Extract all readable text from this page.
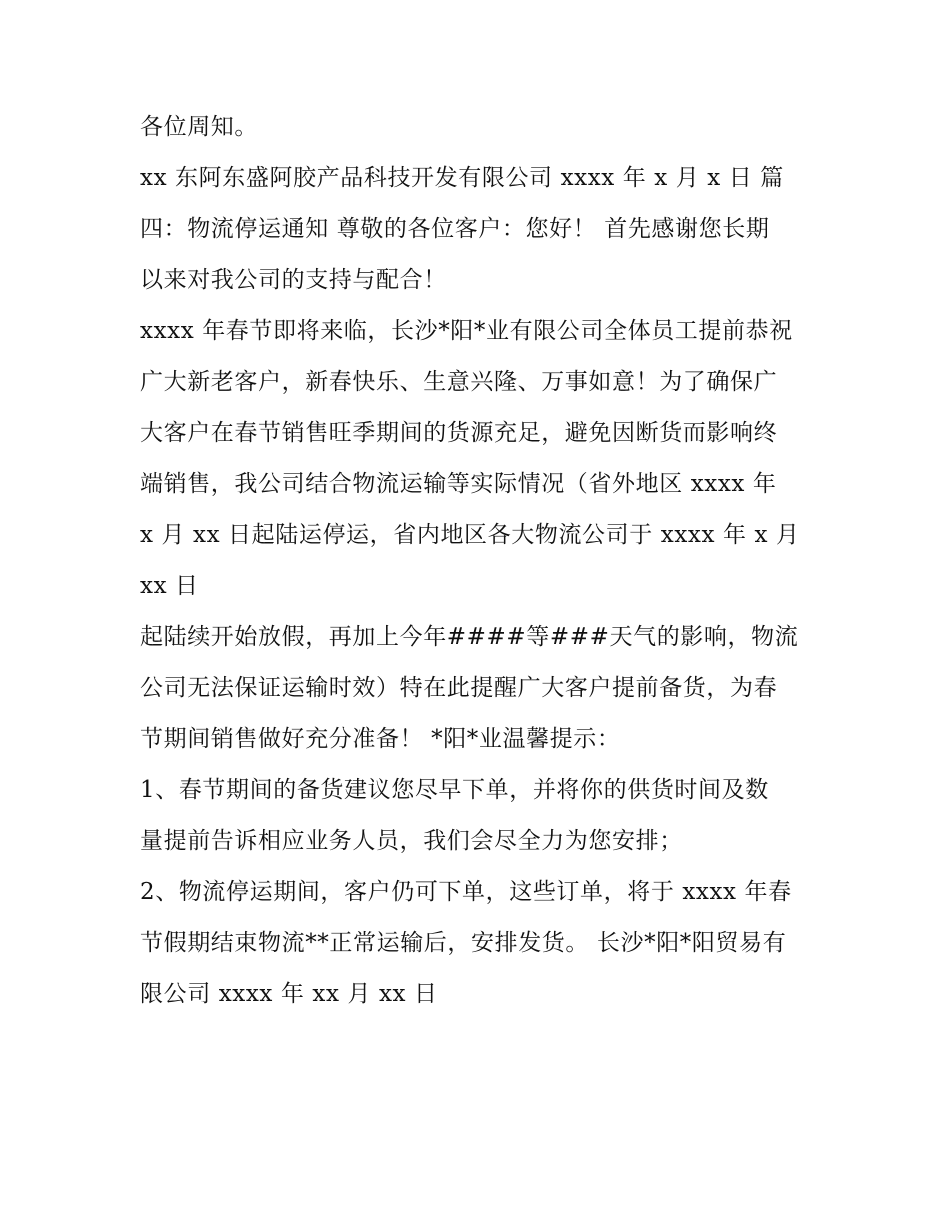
各位周知。
xx 东阿东盛阿胶产品科技开发有限公司 xxxx 年 x 月 x 日 篇
四：物流停运通知 尊敬的各位客户：您好！ 首先感谢您长期
以来对我公司的支持与配合！
xxxx 年春节即将来临，长沙*阳*业有限公司全体员工提前恭祝
广大新老客户，新春快乐、生意兴隆、万事如意！为了确保广
大客户在春节销售旺季期间的货源充足，避免因断货而影响终
端销售，我公司结合物流运输等实际情况（省外地区 xxxx 年
x 月 xx 日起陆运停运，省内地区各大物流公司于 xxxx 年 x 月
xx 日
起陆续开始放假，再加上今年####等###天气的影响，物流
公司无法保证运输时效）特在此提醒广大客户提前备货，为春
节期间销售做好充分准备！ *阳*业温馨提示：
1、春节期间的备货建议您尽早下单，并将你的供货时间及数
量提前告诉相应业务人员，我们会尽全力为您安排；
2、物流停运期间，客户仍可下单，这些订单，将于 xxxx 年春
节假期结束物流**正常运输后，安排发货。 长沙*阳*阳贸易有
限公司 xxxx 年 xx 月 xx 日
